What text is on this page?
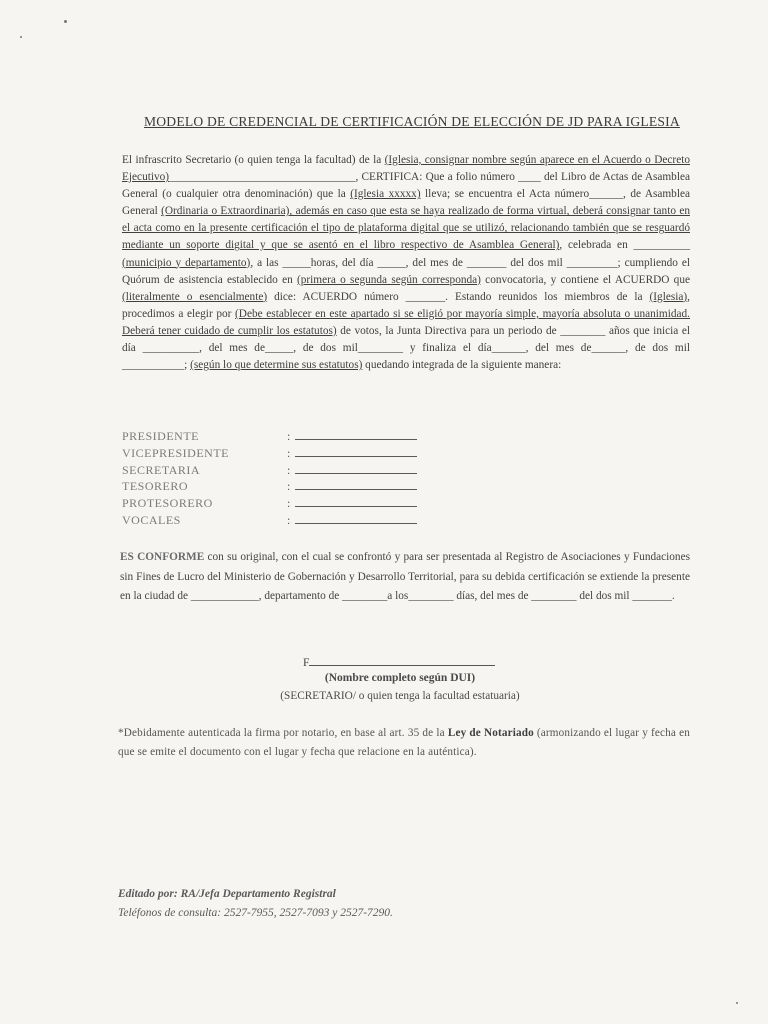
MODELO DE CREDENCIAL DE CERTIFICACIÓN DE ELECCIÓN DE JD PARA IGLESIA
El infrascrito Secretario (o quien tenga la facultad) de la (Iglesia, consignar nombre según aparece en el Acuerdo o Decreto Ejecutivo)_________________________________, CERTIFICA: Que a folio número ____ del Libro de Actas de Asamblea General (o cualquier otra denominación) que la (Iglesia xxxxx) lleva; se encuentra el Acta número______, de Asamblea General (Ordinaria o Extraordinaria), además en caso que esta se haya realizado de forma virtual, deberá consignar tanto en el acta como en la presente certificación el tipo de plataforma digital que se utilizó, relacionando también que se resguardó mediante un soporte digital y que se asentó en el libro respectivo de Asamblea General), celebrada en __________ (municipio y departamento), a las _____horas, del día _____, del mes de _______ del dos mil _________; cumpliendo el Quórum de asistencia establecido en (primera o segunda según corresponda) convocatoria, y contiene el ACUERDO que (literalmente o esencialmente) dice: ACUERDO número _______. Estando reunidos los miembros de la (Iglesia), procedimos a elegir por (Debe establecer en este apartado si se eligió por mayoría simple, mayoría absoluta o unanimidad. Deberá tener cuidado de cumplir los estatutos) de votos, la Junta Directiva para un periodo de ________ años que inicia el día __________, del mes de_____, de dos mil________ y finaliza el día______, del mes de______, de dos mil ___________; (según lo que determine sus estatutos) quedando integrada de la siguiente manera:
PRESIDENTE	:
VICEPRESIDENTE	:
SECRETARIA	:
TESORERO	:
PROTESORERO	:
VOCALES	:
ES CONFORME con su original, con el cual se confrontó y para ser presentada al Registro de Asociaciones y Fundaciones sin Fines de Lucro del Ministerio de Gobernación y Desarrollo Territorial, para su debida certificación se extiende la presente en la ciudad de ____________, departamento de ________a los________ días, del mes de ________ del dos mil _______.
F
(Nombre completo según DUI)
(SECRETARIO/ o quien tenga la facultad estatuaria)
*Debidamente autenticada la firma por notario, en base al art. 35 de la Ley de Notariado (armonizando el lugar y fecha en que se emite el documento con el lugar y fecha que relacione en la auténtica).
Editado por: RA/Jefa Departamento Registral
Teléfonos de consulta: 2527-7955, 2527-7093 y 2527-7290.
